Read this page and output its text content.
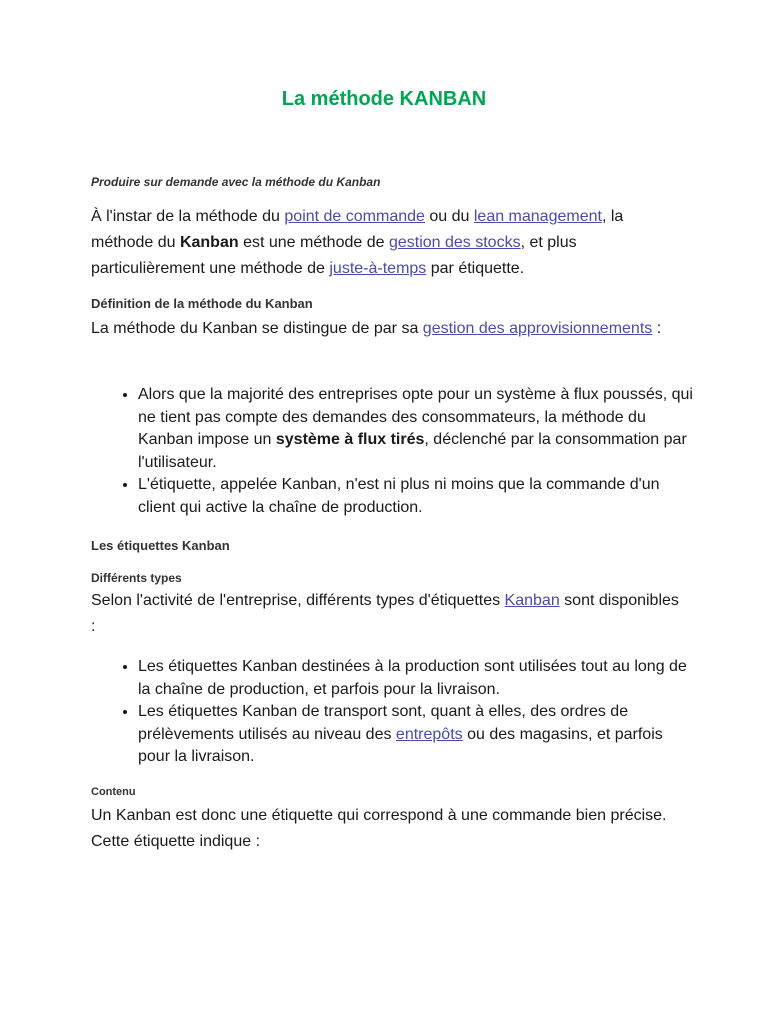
La méthode KANBAN

Produire sur demande avec la méthode du Kanban

À l'instar de la méthode du point de commande ou du lean management, la méthode du Kanban est une méthode de gestion des stocks, et plus particulièrement une méthode de juste-à-temps par étiquette.

Définition de la méthode du Kanban

La méthode du Kanban se distingue de par sa gestion des approvisionnements :

• Alors que la majorité des entreprises opte pour un système à flux poussés, qui ne tient pas compte des demandes des consommateurs, la méthode du Kanban impose un système à flux tirés, déclenché par la consommation par l'utilisateur.
• L'étiquette, appelée Kanban, n'est ni plus ni moins que la commande d'un client qui active la chaîne de production.

Les étiquettes Kanban

Différents types

Selon l'activité de l'entreprise, différents types d'étiquettes Kanban sont disponibles :

• Les étiquettes Kanban destinées à la production sont utilisées tout au long de la chaîne de production, et parfois pour la livraison.
• Les étiquettes Kanban de transport sont, quant à elles, des ordres de prélèvements utilisés au niveau des entrepôts ou des magasins, et parfois pour la livraison.

Contenu

Un Kanban est donc une étiquette qui correspond à une commande bien précise. Cette étiquette indique :
